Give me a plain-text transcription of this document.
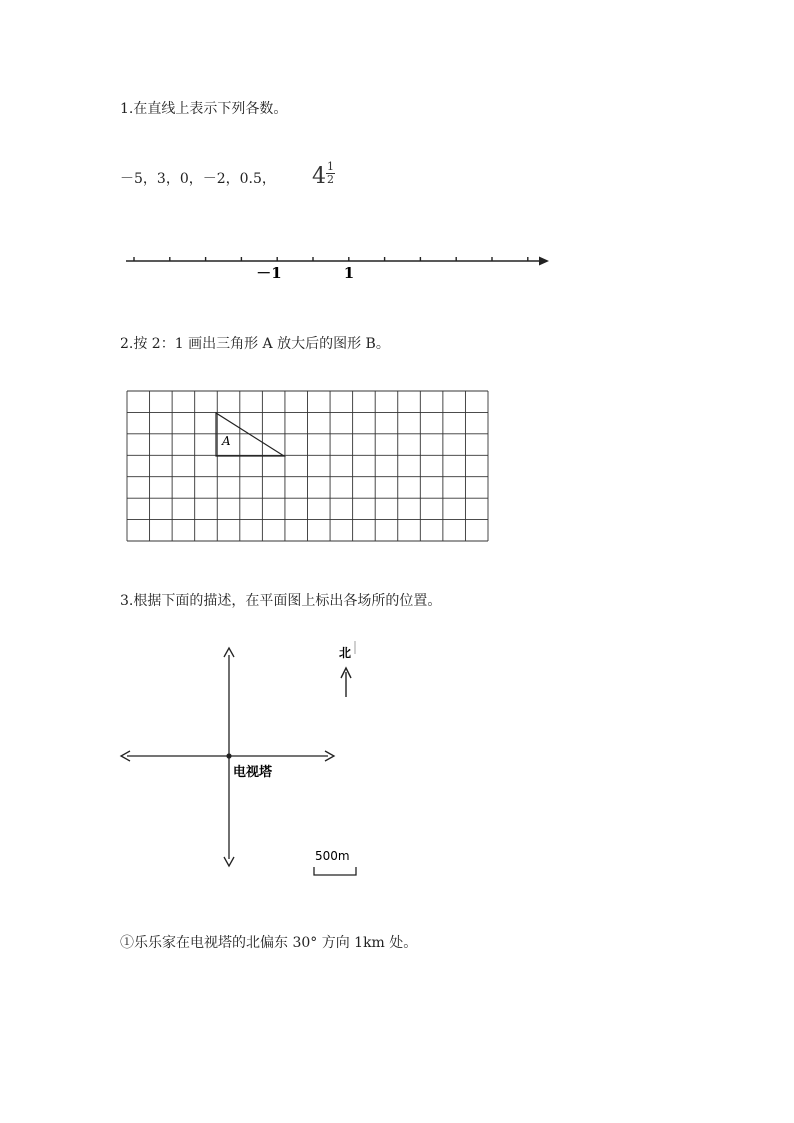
1.在直线上表示下列各数。
－5，3，0，－2，0.5， 4 1
2
－1	1
A
电视塔
北
500m
2.按 2：1 画出三角形 A 放大后的图形 B。
3.根据下面的描述，在平面图上标出各场所的位置。
①乐乐家在电视塔的北偏东 30° 方向 1km 处。
